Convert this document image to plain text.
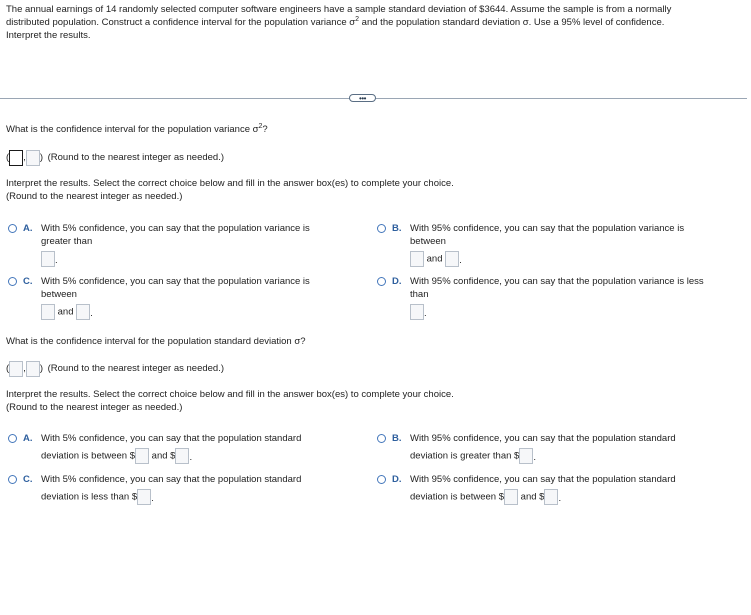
The annual earnings of 14 randomly selected computer software engineers have a sample standard deviation of $3644. Assume the sample is from a normally
distributed population. Construct a confidence interval for the population variance $\sigma^2$ and the population standard deviation σ. Use a 95% level of confidence.
Interpret the results.
•••
What is the confidence interval for the population variance $\sigma^2$?
( , ) (Round to the nearest integer as needed.)
Interpret the results. Select the correct choice below and fill in the answer box(es) to complete your choice.
(Round to the nearest integer as needed.)
A. With 5% confidence, you can say that the population variance is
greater than
.
B. With 95% confidence, you can say that the population variance is
between
and .
C. With 5% confidence, you can say that the population variance is
between
and .
D. With 95% confidence, you can say that the population variance is less
than
.
What is the confidence interval for the population standard deviation σ?
( , ) (Round to the nearest integer as needed.)
Interpret the results. Select the correct choice below and fill in the answer box(es) to complete your choice.
(Round to the nearest integer as needed.)
A. With 5% confidence, you can say that the population standard
deviation is between $ and $ .
B. With 95% confidence, you can say that the population standard
deviation is greater than $ .
C. With 5% confidence, you can say that the population standard
deviation is less than $ .
D. With 95% confidence, you can say that the population standard
deviation is between $ and $ .
